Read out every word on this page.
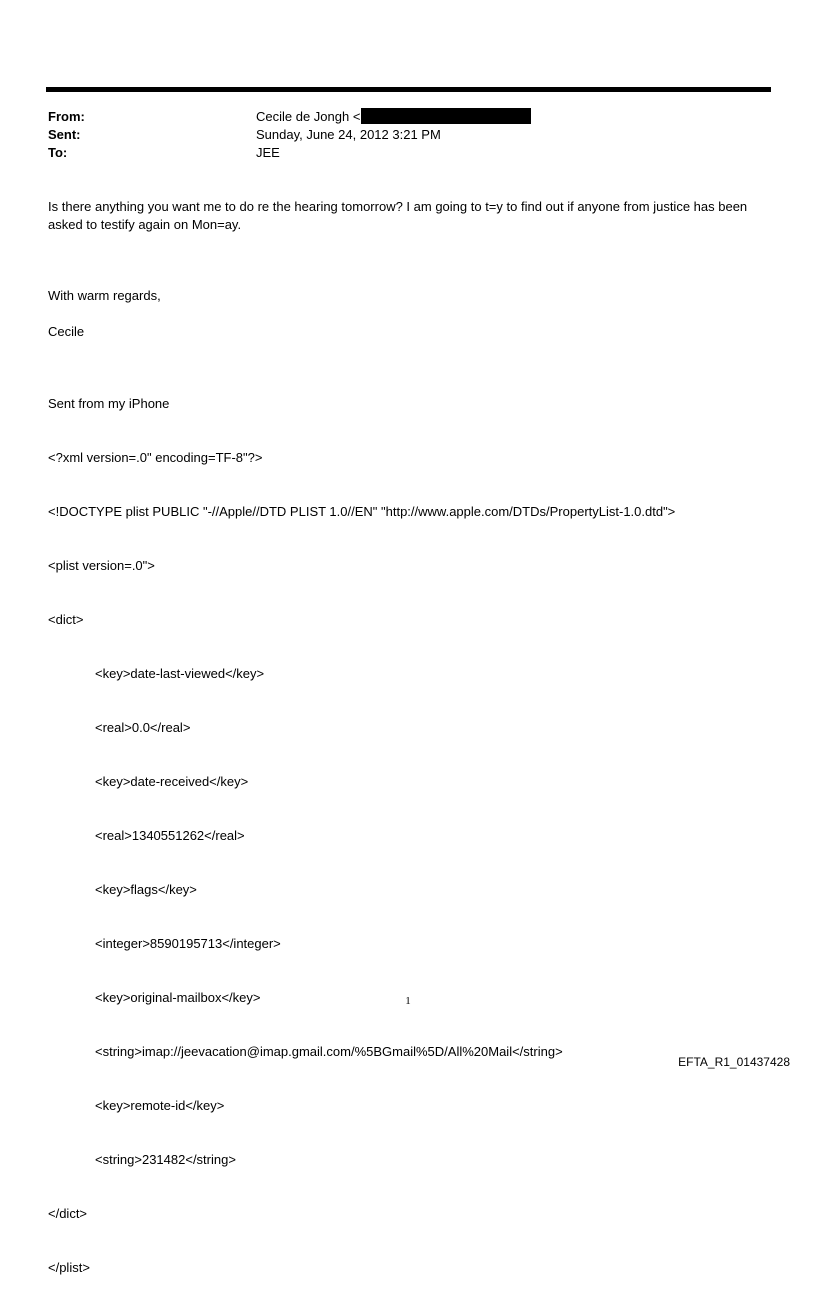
From:	Cecile de Jongh <
Sent:	Sunday, June 24, 2012 3:21 PM
To:	JEE
Is there anything you want me to do re the hearing tomorrow? I am going to t=y to find out if anyone from justice has been asked to testify again on Mon=ay.
With warm regards,
Cecile

Sent from my iPhone

<?xml version=.0" encoding=TF-8"?>

<!DOCTYPE plist PUBLIC "-//Apple//DTD PLIST 1.0//EN" "http://www.apple.com/DTDs/PropertyList-1.0.dtd">

<plist version=.0">

<dict>

<key>date-last-viewed</key>

<real>0.0</real>

<key>date-received</key>

<real>1340551262</real>

<key>flags</key>

<integer>8590195713</integer>

<key>original-mailbox</key>

<string>imap://jeevacation@imap.gmail.com/%5BGmail%5D/All%20Mail</string>

<key>remote-id</key>

<string>231482</string>

</dict>

</plist>

1
EFTA_R1_01437428
